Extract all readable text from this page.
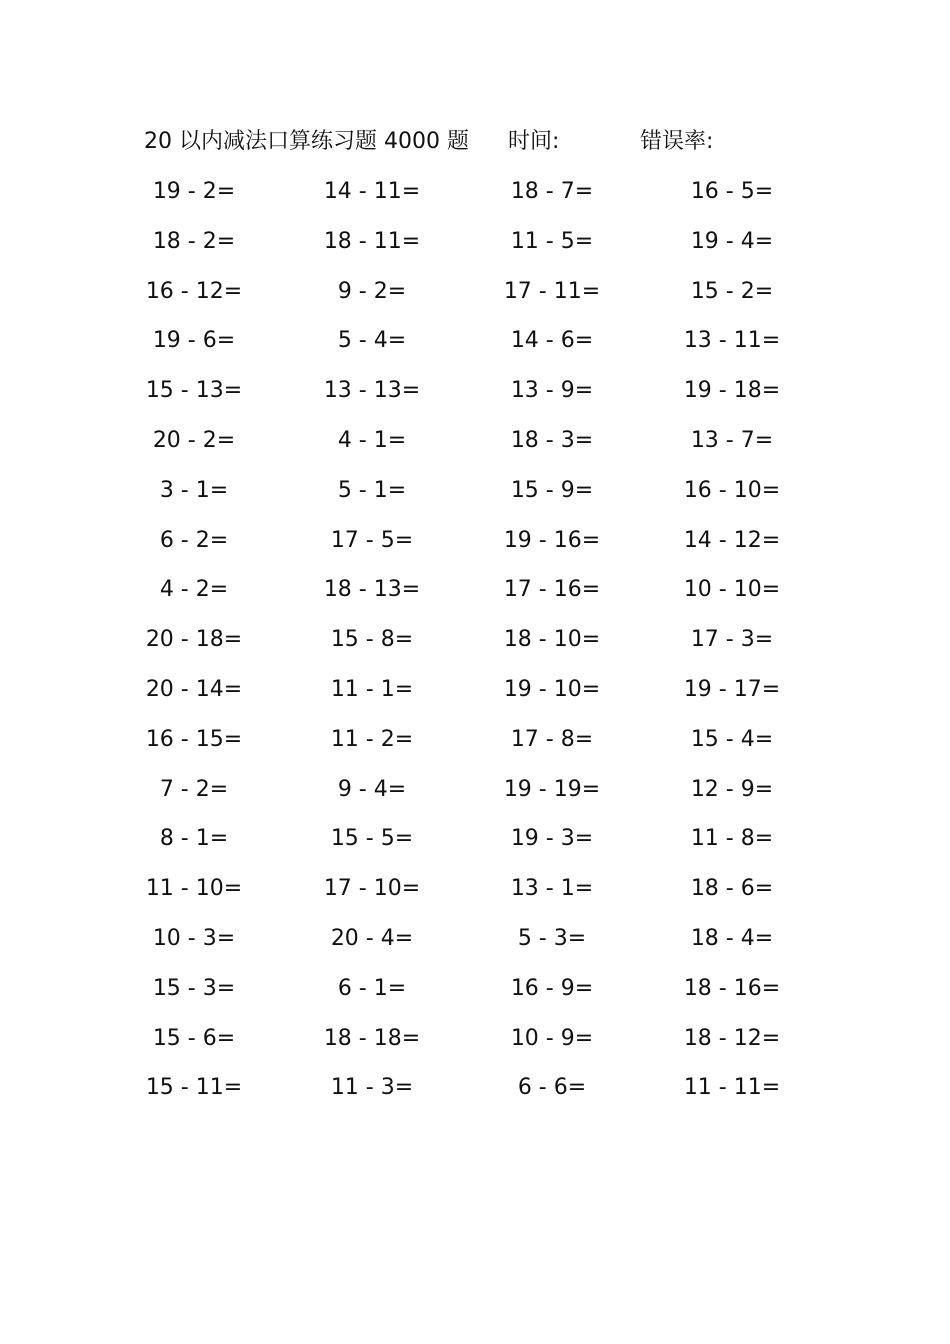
20 以内减法口算练习题 4000 题 时间:	错误率:
19 - 2=	14 - 11=	18 - 7=	16 - 5=
18 - 2=	18 - 11=	11 - 5=	19 - 4=
16 - 12=	9 - 2=	17 - 11=	15 - 2=
19 - 6=	5 - 4=	14 - 6=	13 - 11=
15 - 13=	13 - 13=	13 - 9=	19 - 18=
20 - 2=	4 - 1=	18 - 3=	13 - 7=
3 - 1=	5 - 1=	15 - 9=	16 - 10=
6 - 2=	17 - 5=	19 - 16=	14 - 12=
4 - 2=	18 - 13=	17 - 16=	10 - 10=
20 - 18=	15 - 8=	18 - 10=	17 - 3=
20 - 14=	11 - 1=	19 - 10=	19 - 17=
16 - 15=	11 - 2=	17 - 8=	15 - 4=
7 - 2=	9 - 4=	19 - 19=	12 - 9=
8 - 1=	15 - 5=	19 - 3=	11 - 8=
11 - 10=	17 - 10=	13 - 1=	18 - 6=
10 - 3=	20 - 4=	5 - 3=	18 - 4=
15 - 3=	6 - 1=	16 - 9=	18 - 16=
15 - 6=	18 - 18=	10 - 9=	18 - 12=
15 - 11=	11 - 3=	6 - 6=	11 - 11=
